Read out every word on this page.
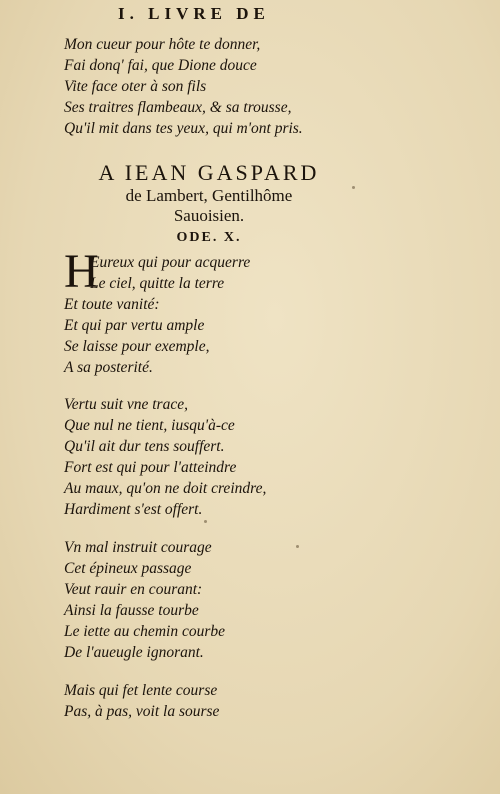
I. LIVRE DE
Mon cueur pour hôte te donner,
Fai donq' fai, que Dione douce
Vite face oter à son fils
Ses traitres flambeaux, & sa trousse,
Qu'il mit dans tes yeux, qui m'ont pris.
A IEAN GASPARD
de Lambert, Gentilhôme
Sauoisien.
ODE. X.
H
Eureux qui pour acquerre
Le ciel, quitte la terre
Et toute vanité:
Et qui par vertu ample
Se laisse pour exemple,
A sa posterité.
Vertu suit vne trace,
Que nul ne tient, iusqu'à-ce
Qu'il ait dur tens souffert.
Fort est qui pour l'atteindre
Au maux, qu'on ne doit creindre,
Hardiment s'est offert.
Vn mal instruit courage
Cet épineux passage
Veut rauir en courant:
Ainsi la fausse tourbe
Le iette au chemin courbe
De l'aueugle ignorant.
Mais qui fet lente course
Pas, à pas, voit la sourse
